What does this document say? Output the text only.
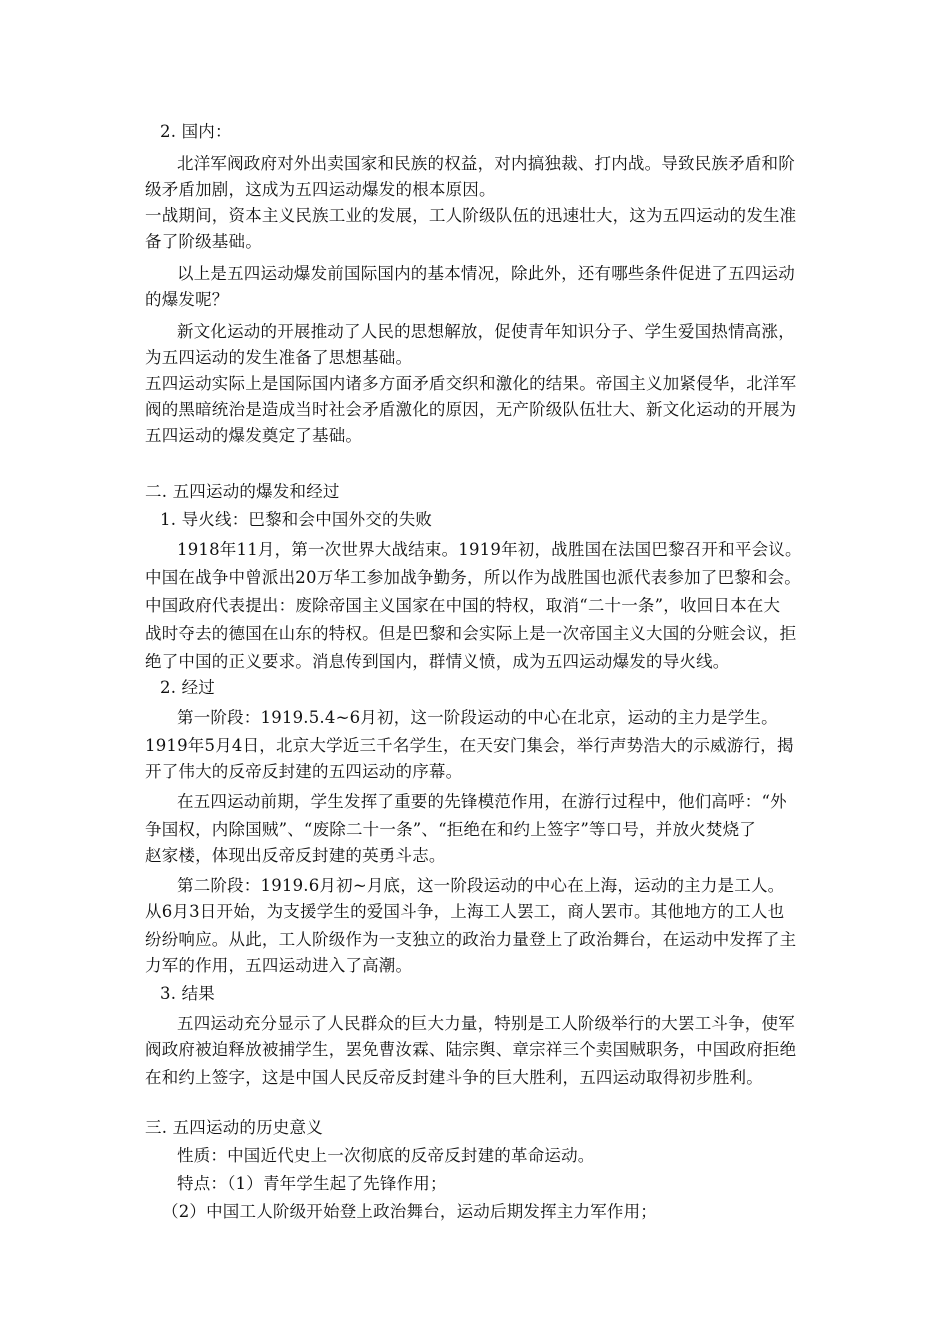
2. 国内：
北洋军阀政府对外出卖国家和民族的权益，对内搞独裁、打内战。导致民族矛盾和阶
级矛盾加剧，这成为五四运动爆发的根本原因。
一战期间，资本主义民族工业的发展，工人阶级队伍的迅速壮大，这为五四运动的发生准
备了阶级基础。
以上是五四运动爆发前国际国内的基本情况，除此外，还有哪些条件促进了五四运动
的爆发呢？
新文化运动的开展推动了人民的思想解放，促使青年知识分子、学生爱国热情高涨，
为五四运动的发生准备了思想基础。
五四运动实际上是国际国内诸多方面矛盾交织和激化的结果。帝国主义加紧侵华，北洋军
阀的黑暗统治是造成当时社会矛盾激化的原因，无产阶级队伍壮大、新文化运动的开展为
五四运动的爆发奠定了基础。
二. 五四运动的爆发和经过
1. 导火线：巴黎和会中国外交的失败
1918年11月，第一次世界大战结束。1919年初，战胜国在法国巴黎召开和平会议。
中国在战争中曾派出20万华工参加战争勤务，所以作为战胜国也派代表参加了巴黎和会。
中国政府代表提出：废除帝国主义国家在中国的特权，取消“二十一条”，收回日本在大
战时夺去的德国在山东的特权。但是巴黎和会实际上是一次帝国主义大国的分赃会议，拒
绝了中国的正义要求。消息传到国内，群情义愤，成为五四运动爆发的导火线。
2. 经过
第一阶段：1919.5.4~6月初，这一阶段运动的中心在北京，运动的主力是学生。
1919年5月4日，北京大学近三千名学生，在天安门集会，举行声势浩大的示威游行，揭
开了伟大的反帝反封建的五四运动的序幕。
在五四运动前期，学生发挥了重要的先锋模范作用，在游行过程中，他们高呼：“外
争国权，内除国贼”、“废除二十一条”、“拒绝在和约上签字”等口号，并放火焚烧了
赵家楼，体现出反帝反封建的英勇斗志。
第二阶段：1919.6月初~月底，这一阶段运动的中心在上海，运动的主力是工人。
从6月3日开始，为支援学生的爱国斗争，上海工人罢工，商人罢市。其他地方的工人也
纷纷响应。从此，工人阶级作为一支独立的政治力量登上了政治舞台，在运动中发挥了主
力军的作用，五四运动进入了高潮。
3. 结果
五四运动充分显示了人民群众的巨大力量，特别是工人阶级举行的大罢工斗争，使军
阀政府被迫释放被捕学生，罢免曹汝霖、陆宗舆、章宗祥三个卖国贼职务，中国政府拒绝
在和约上签字，这是中国人民反帝反封建斗争的巨大胜利，五四运动取得初步胜利。
三. 五四运动的历史意义
性质：中国近代史上一次彻底的反帝反封建的革命运动。
特点：（1）青年学生起了先锋作用；
（2）中国工人阶级开始登上政治舞台，运动后期发挥主力军作用；
